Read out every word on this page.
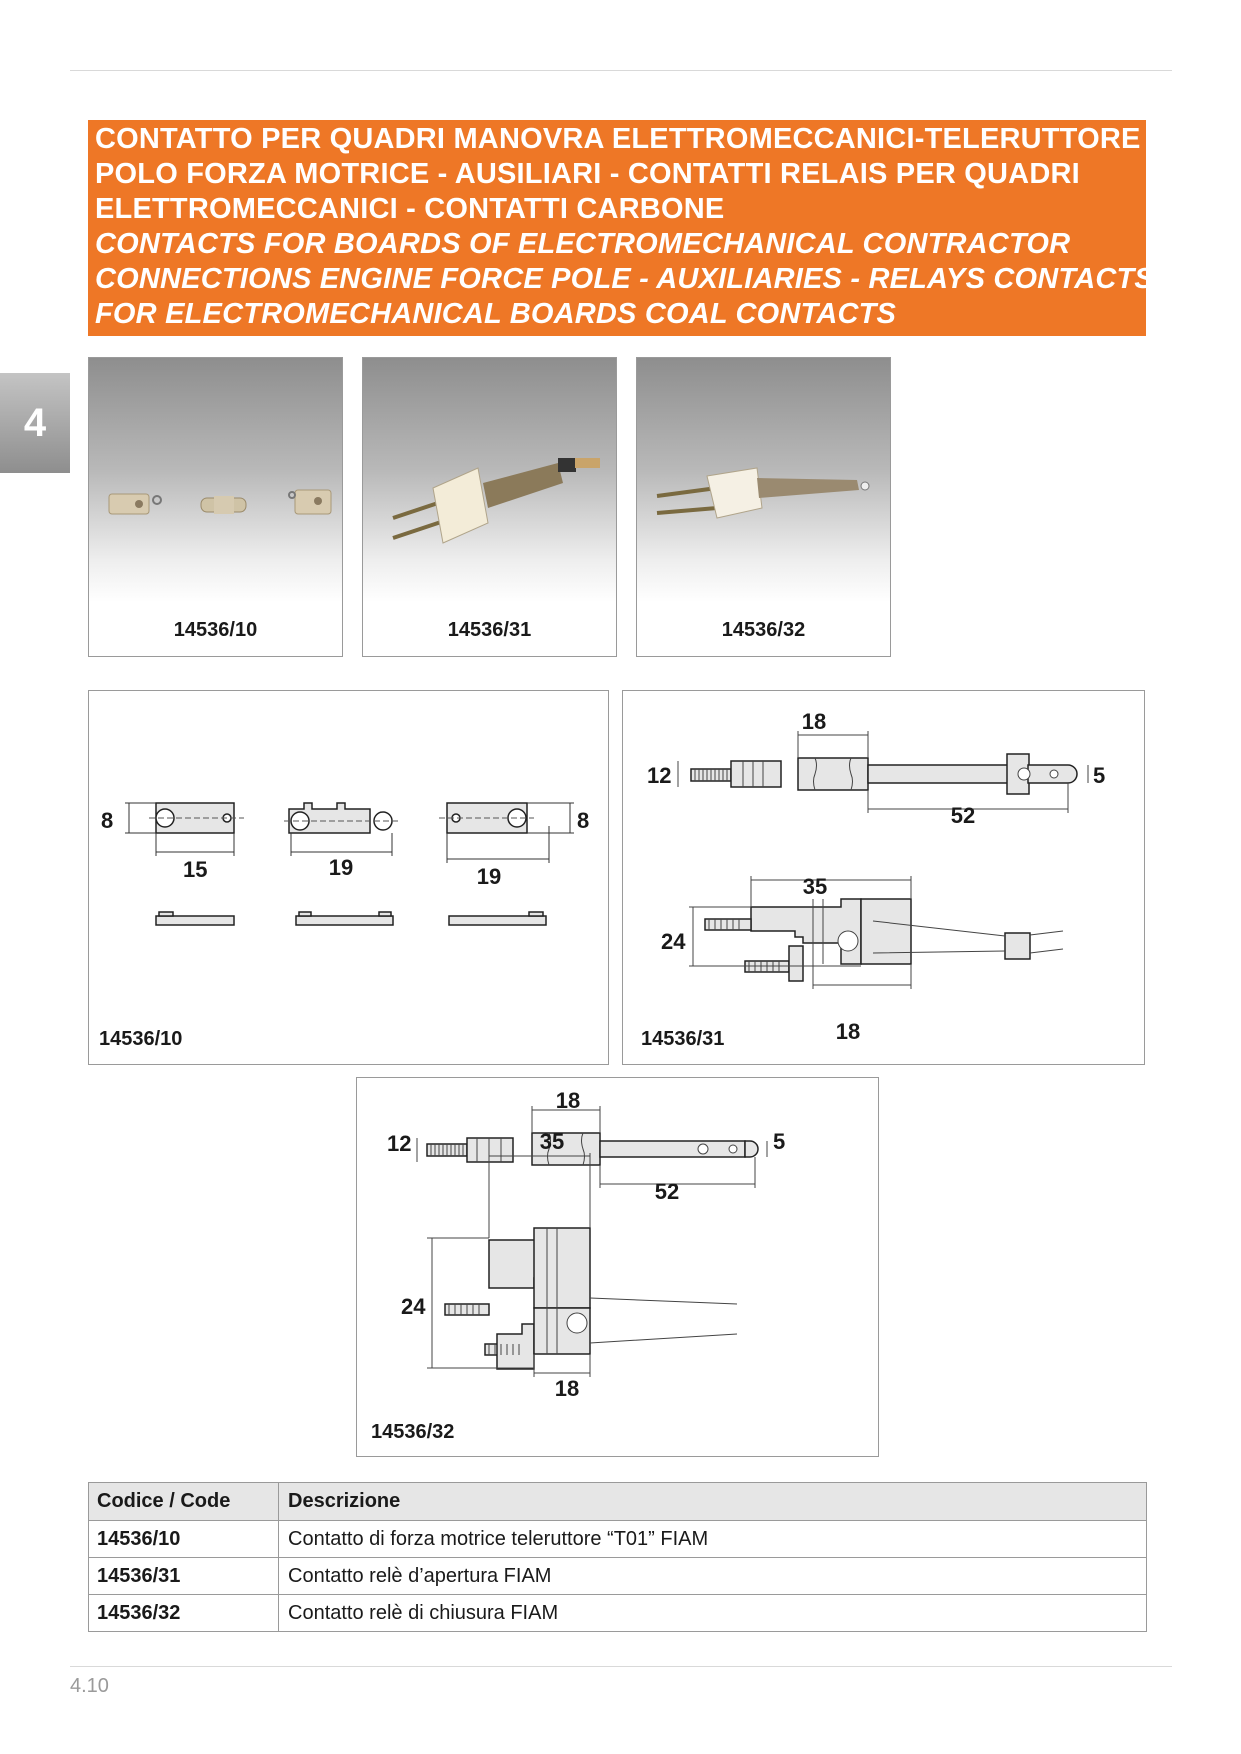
4
CONTATTO PER QUADRI MANOVRA ELETTROMECCANICI-TELERUTTORE
POLO FORZA MOTRICE - AUSILIARI - CONTATTI RELAIS PER QUADRI
ELETTROMECCANICI - CONTATTI CARBONE
CONTACTS FOR BOARDS OF ELECTROMECHANICAL CONTRACTOR
CONNECTIONS ENGINE FORCE POLE - AUXILIARIES - RELAYS CONTACTS
FOR ELECTROMECHANICAL BOARDS COAL CONTACTS
14536/10	14536/31	14536/32
8
15	19	19
8
14536/10
18
12	5
52
35
24
18
14536/31
18
12	5
52
35
24
18
14536/32
Codice / Code	Descrizione
14536/10	Contatto di forza motrice teleruttore “T01” FIAM
14536/31	Contatto relè d’apertura FIAM
14536/32	Contatto relè di chiusura FIAM
4.10
